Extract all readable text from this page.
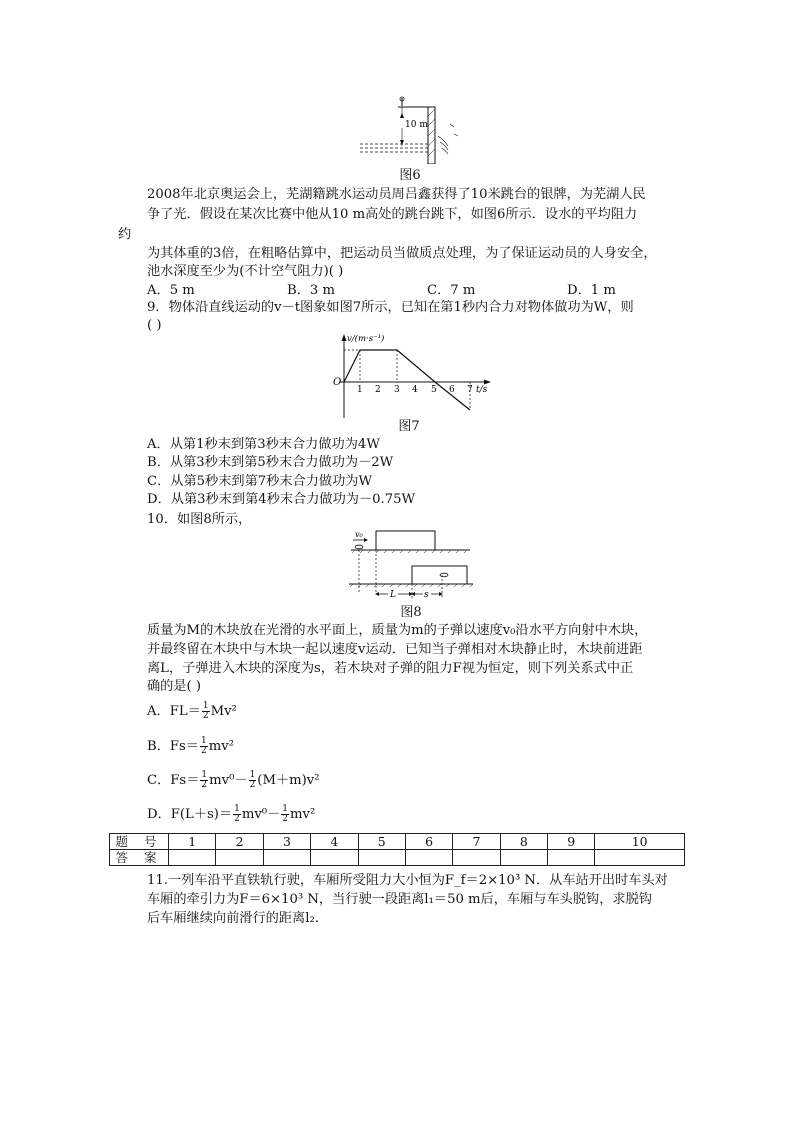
10 m
图6
2008年北京奥运会上，芜湖籍跳水运动员周吕鑫获得了10米跳台的银牌，为芜湖人民
争了光．假设在某次比赛中他从10 m高处的跳台跳下，如图6所示．设水的平均阻力
约
为其体重的3倍，在粗略估算中，把运动员当做质点处理，为了保证运动员的人身安全，
池水深度至少为(不计空气阻力)( )
A．5 m	B．3 m	C．7 m	D．1 m
9．物体沿直线运动的v－t图象如图7所示，已知在第1秒内合力对物体做功为W，则
( )
v/(m·s⁻¹)
t/s
O
1 2 3 4 5 6 7
图7
A．从第1秒末到第3秒末合力做功为4W
B．从第3秒末到第5秒末合力做功为－2W
C．从第5秒末到第7秒末合力做功为W
D．从第3秒末到第4秒末合力做功为－0.75W
10．如图8所示，
v₀
L	s
图8
质量为M的木块放在光滑的水平面上，质量为m的子弹以速度v₀沿水平方向射中木块，
并最终留在木块中与木块一起以速度v运动．已知当子弹相对木块静止时，木块前进距
离L，子弹进入木块的深度为s，若木块对子弹的阻力F视为恒定，则下列关系式中正
确的是( )
A．$FL= \frac{1}{2} Mv^2$
B．$Fs= \frac{1}{2} mv^2$
C．$Fs= \frac{1}{2} mv^0- \frac{1}{2} (M+m)v^2$
D．$F(L+s)= \frac{1}{2} mv^0- \frac{1}{2} mv^2$
题 号	1	2	3	4	5	6	7	8	9	10
答 案										
11.一列车沿平直铁轨行驶，车厢所受阻力大小恒为F_f＝2×10³ N．从车站开出时车头对
车厢的牵引力为F＝6×10³ N，当行驶一段距离l₁＝50 m后，车厢与车头脱钩，求脱钩
后车厢继续向前滑行的距离l₂.
